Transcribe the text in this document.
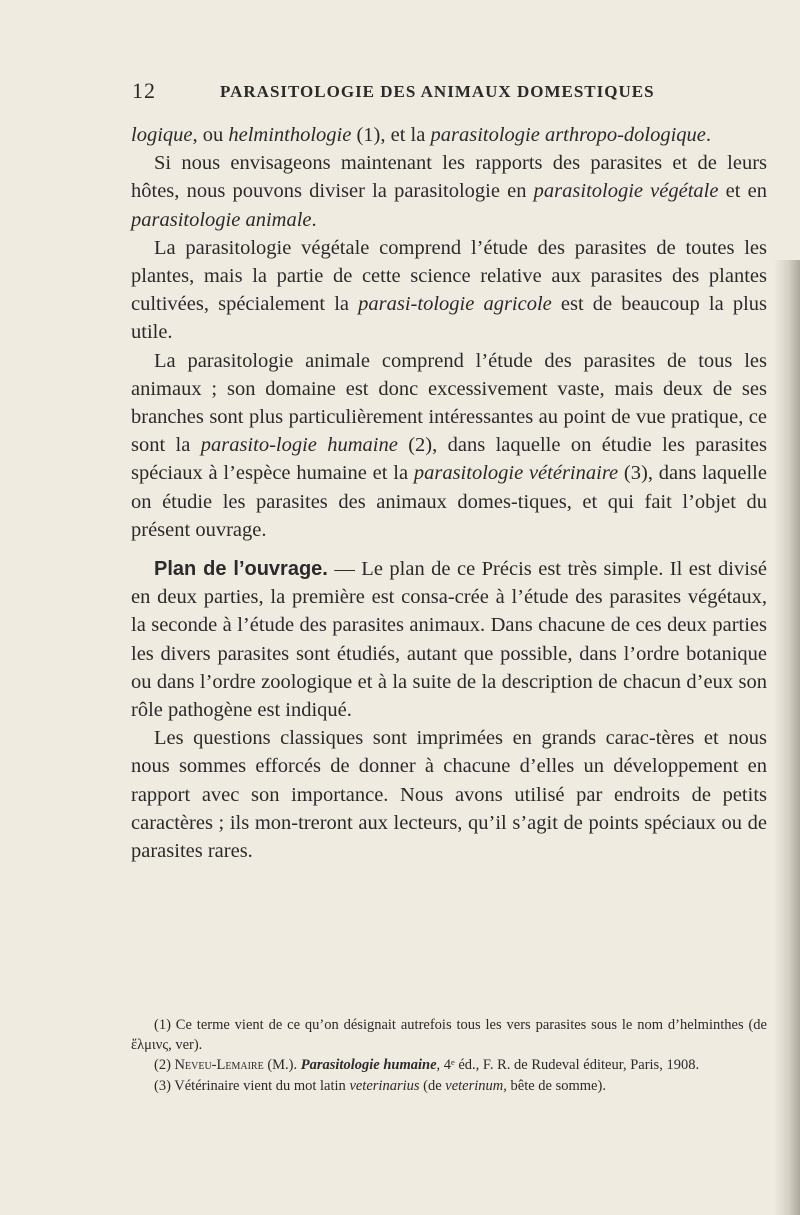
12	PARASITOLOGIE DES ANIMAUX DOMESTIQUES

logique, ou helminthologie (1), et la parasitologie arthropo-dologique.

Si nous envisageons maintenant les rapports des parasites et de leurs hôtes, nous pouvons diviser la parasitologie en parasitologie végétale et en parasitologie animale.

La parasitologie végétale comprend l’étude des parasites de toutes les plantes, mais la partie de cette science relative aux parasites des plantes cultivées, spécialement la parasi-tologie agricole est de beaucoup la plus utile.

La parasitologie animale comprend l’étude des parasites de tous les animaux ; son domaine est donc excessivement vaste, mais deux de ses branches sont plus particulièrement intéressantes au point de vue pratique, ce sont la parasito-logie humaine (2), dans laquelle on étudie les parasites spéciaux à l’espèce humaine et la parasitologie vétérinaire (3), dans laquelle on étudie les parasites des animaux domes-tiques, et qui fait l’objet du présent ouvrage.

Plan de l’ouvrage. — Le plan de ce Précis est très simple. Il est divisé en deux parties, la première est consa-crée à l’étude des parasites végétaux, la seconde à l’étude des parasites animaux. Dans chacune de ces deux parties les divers parasites sont étudiés, autant que possible, dans l’ordre botanique ou dans l’ordre zoologique et à la suite de la description de chacun d’eux son rôle pathogène est indiqué.

Les questions classiques sont imprimées en grands carac-tères et nous nous sommes efforcés de donner à chacune d’elles un développement en rapport avec son importance. Nous avons utilisé par endroits de petits caractères ; ils mon-treront aux lecteurs, qu’il s’agit de points spéciaux ou de parasites rares.

(1) Ce terme vient de ce qu’on désignait autrefois tous les vers parasites sous le nom d’helminthes (de ἕλμινς, ver).

(2) Neveu-Lemaire (M.). Parasitologie humaine, 4ᵉ éd., F. R. de Rudeval éditeur, Paris, 1908.

(3) Vétérinaire vient du mot latin veterinarius (de veterinum, bête de somme).
